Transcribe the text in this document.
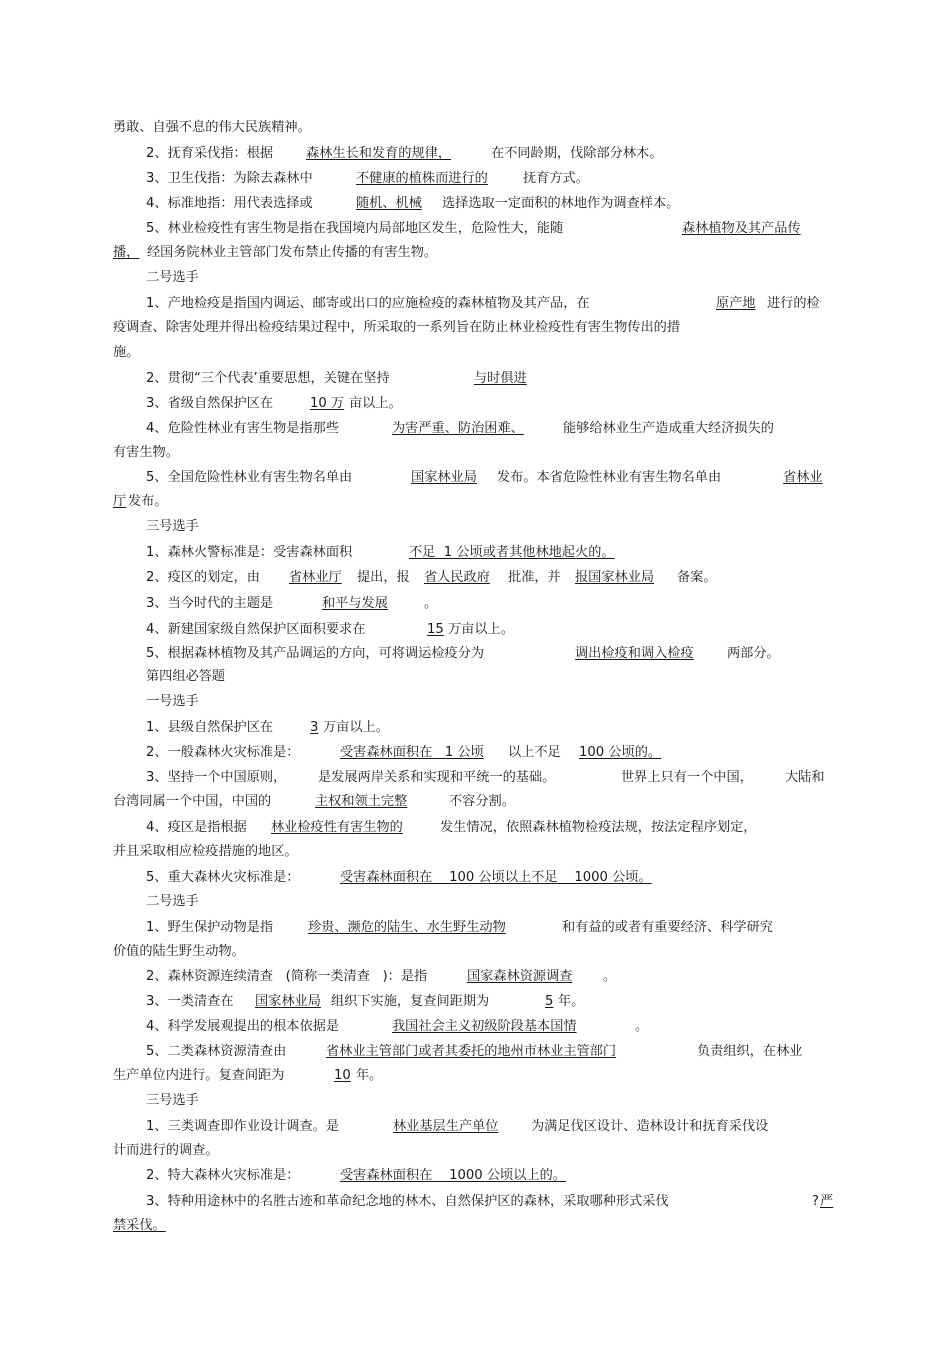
勇敢、自强不息的伟大民族精神。
2、抚育采伐指：根据 森林生长和发育的规律，	在不同龄期，伐除部分林木。
3、卫生伐指：为除去森林中	不健康的植株而进行的	抚育方式。
4、标准地指：用代表选择或	随机、机械 选择选取一定面积的林地作为调查样本。
5、林业检疫性有害生物是指在我国境内局部地区发生，危险性大，能随	森林植物及其产品传
播， 经国务院林业主管部门发布禁止传播的有害生物。
二号选手
1、产地检疫是指国内调运、邮寄或出口的应施检疫的森林植物及其产品，在	原产地 进行的检
疫调查、除害处理并得出检疫结果过程中，所采取的一系列旨在防止林业检疫性有害生物传出的措
施。
2、贯彻“三个代表’重要思想，关键在坚持	与时俱进
3、省级自然保护区在	10 万 亩以上。
4、危险性林业有害生物是指那些	为害严重、防治困难、	能够给林业生产造成重大经济损失的
有害生物。
5、全国危险性林业有害生物名单由	国家林业局 发布。本省危险性林业有害生物名单由	省林业
厅 发布。
三号选手
1、森林火警标准是：受害森林面积	不足  1 公顷或者其他林地起火的。
2、疫区的划定，由 省林业厅 提出，报 省人民政府 批准，并 报国家林业局 备案。
3、当今时代的主题是	和平与发展	。
4、新建国家级自然保护区面积要求在	15 万亩以上。
5、根据森林植物及其产品调运的方向，可将调运检疫分为	调出检疫和调入检疫	两部分。
第四组必答题
一号选手
1、县级自然保护区在	3 万亩以上。
2、一般森林火灾标准是：	受害森林面积在   1 公顷 以上不足 100 公顷的。
3、坚持一个中国原则， 是发展两岸关系和实现和平统一的基础。	世界上只有一个中国， 大陆和
台湾同属一个中国，中国的	主权和领土完整	不容分割。
4、疫区是指根据 林业检疫性有害生物的	发生情况，依照森林植物检疫法规，按法定程序划定，
并且采取相应检疫措施的地区。
5、重大森林火灾标准是：	受害森林面积在    100 公顷以上不足    1000 公顷。
二号选手
1、野生保护动物是指	珍贵、濒危的陆生、水生野生动物	和有益的或者有重要经济、科学研究
价值的陆生野生动物。
2、森林资源连续清查   (简称一类清查   )：是指	国家森林资源调查 。
3、一类清查在 国家林业局 组织下实施，复查间距期为	5 年。
4、科学发展观提出的根本依据是	我国社会主义初级阶段基本国情	。
5、二类森林资源清查由	省林业主管部门或者其委托的地州市林业主管部门	负责组织，在林业
生产单位内进行。复查间距为	10 年。
三号选手
1、三类调查即作业设计调查。是	林业基层生产单位 为满足伐区设计、造林设计和抚育采伐设
计而进行的调查。
2、特大森林火灾标准是：	受害森林面积在    1000 公顷以上的。
3、特种用途林中的名胜古迹和革命纪念地的林木、自然保护区的森林，采取哪种形式采伐	? 严
禁采伐。
